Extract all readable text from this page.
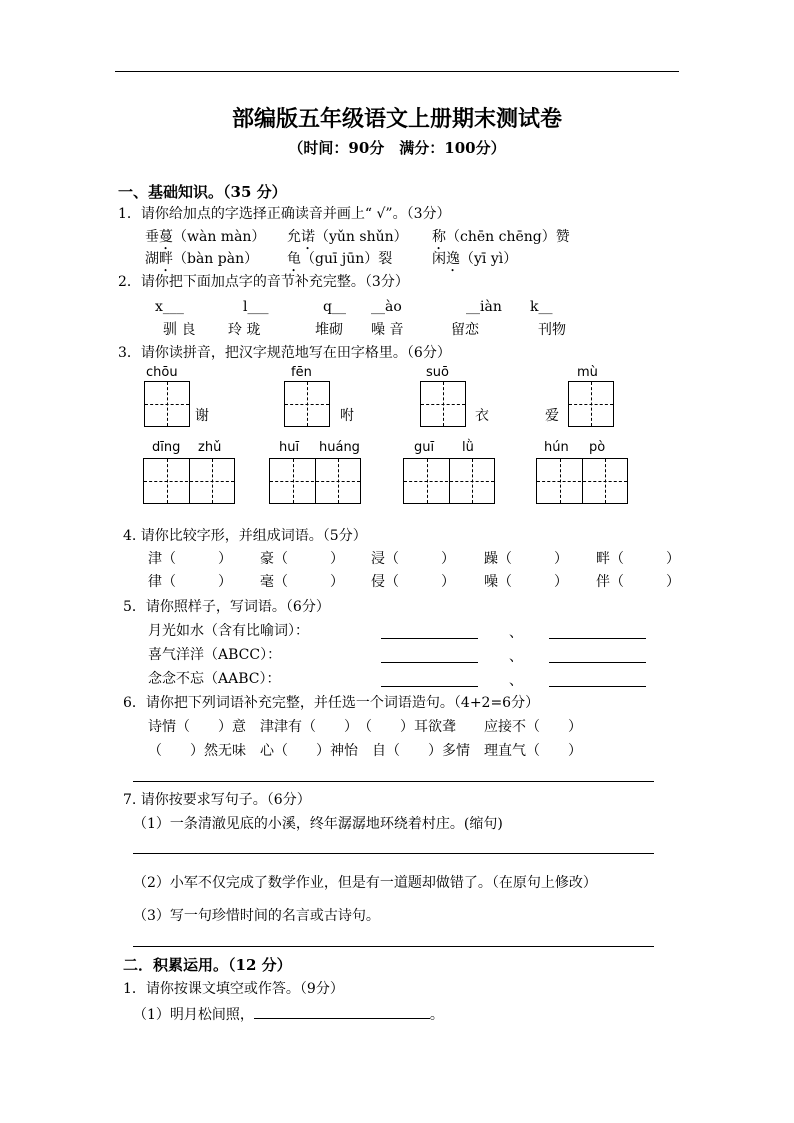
部编版五年级语文上册期末测试卷
（时间：90分　满分：100分）
一、基础知识。（35 分）
1．请你给加点的字选择正确读音并画上“ √”。（3分）
垂蔓（wàn màn） 允诺（yǔn shǔn） 称（chēn chēng）赞
湖畔（bàn pàn） 龟（guī jūn）裂	闲逸（yī yì）
2．请你把下面加点字的音节补充完整。（3分）
x___	l___	q__ __ào	__iàn k__
驯 良 玲 珑	堆砌 噪 音	留恋	刊物
3．请你读拼音，把汉字规范地写在田字格里。（6分）
chōu
谢
fēn
咐
suō
衣
mù
爱
dīng zhǔ	huī huáng	guī lǜ	hún pò
4. 请你比较字形，并组成词语。（5分）
津（　　　） 豪（　　　） 浸（　　　） 躁（　　　） 畔（　　　）
律（　　　） 毫（　　　） 侵（　　　） 噪（　　　） 伴（　　　）
5．请你照样子，写词语。（6分）
月光如水（含有比喻词）：	、
喜气洋洋（ABCC）：	、
念念不忘（AABC）：	、
6．请你把下列词语补充完整，并任选一个词语造句。（4+2=6分）
诗情（　　）意　津津有（　　）　（　　）耳欲聋　　应接不（　　）
（　　）然无味　心（　　）神怡　自（　　）多情　理直气（　　）
7. 请你按要求写句子。（6分）
（1）一条清澈见底的小溪，终年潺潺地环绕着村庄。(缩句)
（2）小军不仅完成了数学作业，但是有一道题却做错了。（在原句上修改）
（3）写一句珍惜时间的名言或古诗句。
二．积累运用。（12 分）
1．请你按课文填空或作答。（9分）
（1）明月松间照，	。
